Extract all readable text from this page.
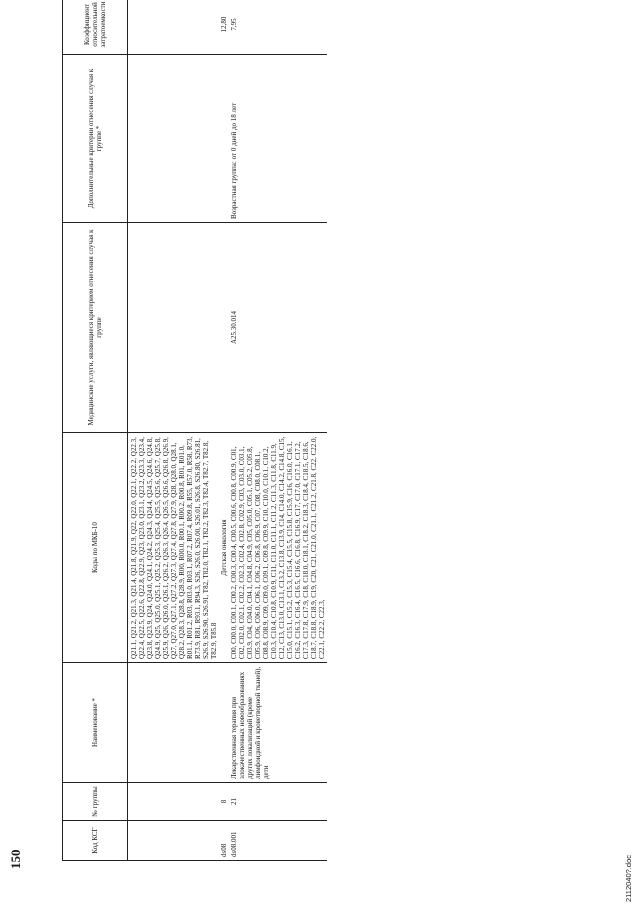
150	2112040?.doc
Код КСГ	№ группы	Наименование *	Коды по МКБ-10	Медицинские услуги, являющиеся критерием отнесения случая к группе	Дополнительные критерии отнесения случая к группе *	Коэффициент относительной затратоемкости
			Q21.1, Q21.2, Q21.3, Q21.4, Q21.8, Q21.9, Q22, Q22.0, Q22.1, Q22.2, Q22.3, Q22.4, Q22.5, Q22.6, Q22.8, Q22.9, Q23, Q23.0, Q23.1, Q23.2, Q23.3, Q23.4, Q23.8, Q23.9, Q24, Q24.0, Q24.1, Q24.2, Q24.3, Q24.4, Q24.5, Q24.6, Q24.8, Q24.9, Q25, Q25.0, Q25.1, Q25.2, Q25.3, Q25.4, Q25.5, Q25.6, Q25.7, Q25.8, Q25.9, Q26, Q26.0, Q26.1, Q26.2, Q26.3, Q26.4, Q26.5, Q26.6, Q26.8, Q26.9, Q27, Q27.0, Q27.1, Q27.2, Q27.3, Q27.4, Q27.8, Q27.9, Q28, Q28.0, Q28.1, Q28.2, Q28.3, Q28.8, Q28.9, R00, R00.0, R00.1, R00.2, R00.8, R01, R01.0, R01.1, R01.2, R03, R03.0, R03.1, R07.2, R07.4, R09.8, R55, R57.0, R58, R73, R73.9, R81, R93.1, R94.3, S26, S26.0, S26.00, S26.01, S26.8, S26.80, S26.81, S26.9, S26.90, S26.91, T82, T82.0, T82.1, T82.2, T82.3, T82.4, T82.7, T82.8, T82.9, T85.8			
ds08	8		Детская онкология			12,80
ds08.001	21	Лекарственная терапия при злокачественных новообразованиях других локализаций (кроме лимфоидной и кроветворной тканей), дети	C00, C00.0, C00.1, C00.2, C00.3, C00.4, C00.5, C00.6, C00.8, C00.9, C01, C02, C02.0, C02.1, C02.2, C02.3, C02.4, C02.8, C02.9, C03, C03.0, C03.1, C03.9, C04, C04.0, C04.1, C04.8, C04.9, C05, C05.0, C05.1, C05.2, C05.8, C05.9, C06, C06.0, C06.1, C06.2, C06.8, C06.9, C07, C08, C08.0, C08.1, C08.8, C08.9, C09, C09.0, C09.1, C09.8, C09.9, C10, C10.0, C10.1, C10.2, C10.3, C10.4, C10.8, C10.9, C11, C11.0, C11.1, C11.2, C11.3, C11.8, C11.9, C12, C13, C13.0, C13.1, C13.2, C13.8, C13.9, C14, C14.0, C14.2, C14.8, C15, C15.0, C15.1, C15.2, C15.3, C15.4, C15.5, C15.8, C15.9, C16, C16.0, C16.1, C16.2, C16.3, C16.4, C16.5, C16.6, C16.8, C16.9, C17, C17.0, C17.1, C17.2, C17.3, C17.8, C17.9, C18, C18.0, C18.1, C18.2, C18.3, C18.4, C18.5, C18.6, C18.7, C18.8, C18.9, C19, C20, C21, C21.0, C21.1, C21.2, C21.8, C22, C22.0, C22.1, C22.2, C22.3,	A25.30.014	Возрастная группа: от 0 дней до 18 лет	7,95
